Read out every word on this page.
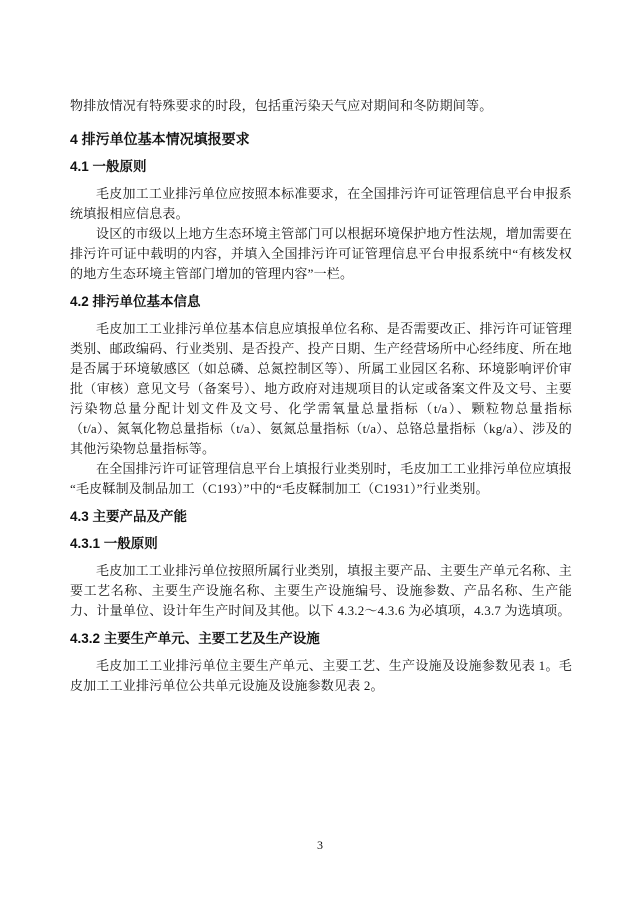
物排放情况有特殊要求的时段，包括重污染天气应对期间和冬防期间等。

4 排污单位基本情况填报要求
4.1 一般原则

毛皮加工工业排污单位应按照本标准要求，在全国排污许可证管理信息平台申报系统填报相应信息表。

设区的市级以上地方生态环境主管部门可以根据环境保护地方性法规，增加需要在排污许可证中载明的内容，并填入全国排污许可证管理信息平台申报系统中“有核发权的地方生态环境主管部门增加的管理内容”一栏。

4.2 排污单位基本信息

毛皮加工工业排污单位基本信息应填报单位名称、是否需要改正、排污许可证管理类别、邮政编码、行业类别、是否投产、投产日期、生产经营场所中心经纬度、所在地是否属于环境敏感区（如总磷、总氮控制区等）、所属工业园区名称、环境影响评价审批（审核）意见文号（备案号）、地方政府对违规项目的认定或备案文件及文号、主要污染物总量分配计划文件及文号、化学需氧量总量指标（t/a）、颗粒物总量指标（t/a）、氮氧化物总量指标（t/a）、氨氮总量指标（t/a）、总铬总量指标（kg/a）、涉及的其他污染物总量指标等。

在全国排污许可证管理信息平台上填报行业类别时，毛皮加工工业排污单位应填报“毛皮鞣制及制品加工（C193）”中的“毛皮鞣制加工（C1931）”行业类别。

4.3 主要产品及产能
4.3.1 一般原则

毛皮加工工业排污单位按照所属行业类别，填报主要产品、主要生产单元名称、主要工艺名称、主要生产设施名称、主要生产设施编号、设施参数、产品名称、生产能力、计量单位、设计年生产时间及其他。以下 4.3.2～4.3.6 为必填项，4.3.7 为选填项。

4.3.2 主要生产单元、主要工艺及生产设施

毛皮加工工业排污单位主要生产单元、主要工艺、生产设施及设施参数见表 1。毛皮加工工业排污单位公共单元设施及设施参数见表 2。

3
